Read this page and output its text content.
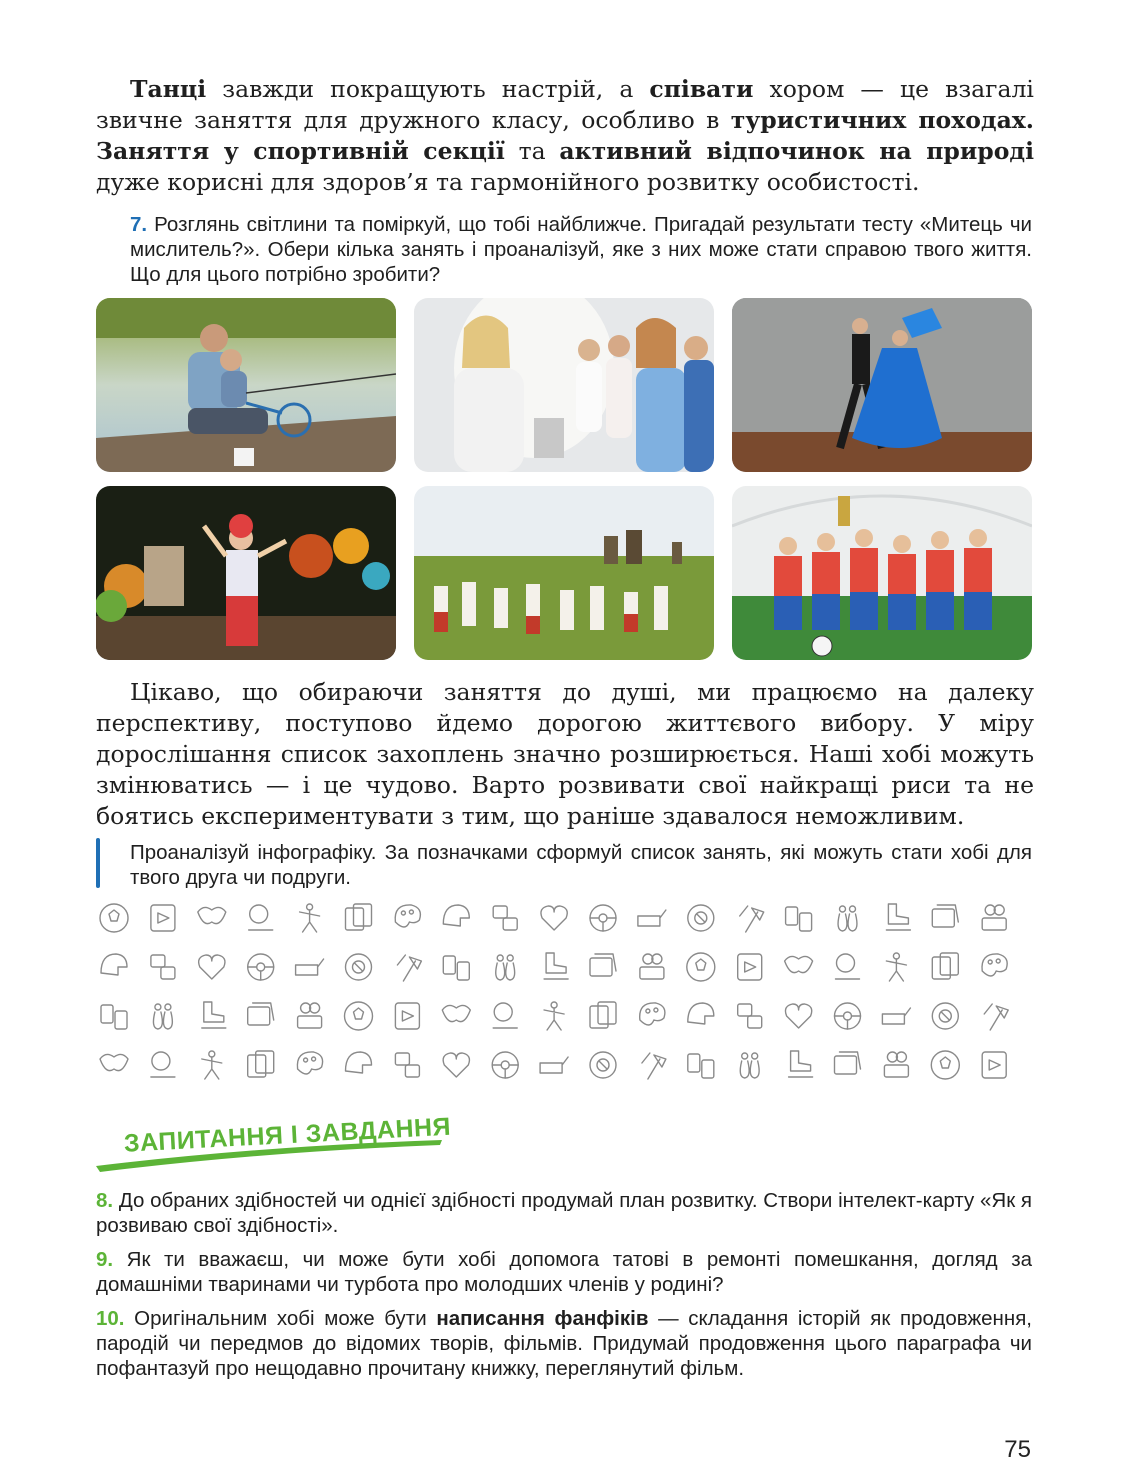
Танці завжди покращують настрій, а співати хором — це взагалі звичне заняття для дружного класу, особливо в туристичних походах. Заняття у спортивній секції та активний відпочинок на природі дуже корисні для здоров’я та гармонійного розвитку особистості.

7. Розглянь світлини та поміркуй, що тобі найближче. Пригадай результати тесту «Митець чи мислитель?». Обери кілька занять і проаналізуй, яке з них може стати справою твого життя. Що для цього потрібно зробити?

Цікаво, що обираючи заняття до душі, ми працюємо на далеку перспективу, поступово йдемо дорогою життєвого вибору. У міру дорослішання список захоплень значно розширюється. Наші хобі можуть змінюватись — і це чудово. Варто розвивати свої найкращі риси та не боятись експериментувати з тим, що раніше здавалося неможливим.

Проаналізуй інфографіку. За позначками сформуй список занять, які можуть стати хобі для твого друга чи подруги.
ЗАПИТАННЯ І ЗАВДАННЯ

8. До обраних здібностей чи однієї здібності продумай план розвитку. Створи інтелект-карту «Як я розвиваю свої здібності».

9. Як ти вважаєш, чи може бути хобі допомога татові в ремонті помешкання, догляд за домашніми тваринами чи турбота про молодших членів у родині?

10. Оригінальним хобі може бути написання фанфіків — складання історій як продовження, пародій чи передмов до відомих творів, фільмів. Придумай продовження цього параграфа чи пофантазуй про нещодавно прочитану книжку, переглянутий фільм.

75
